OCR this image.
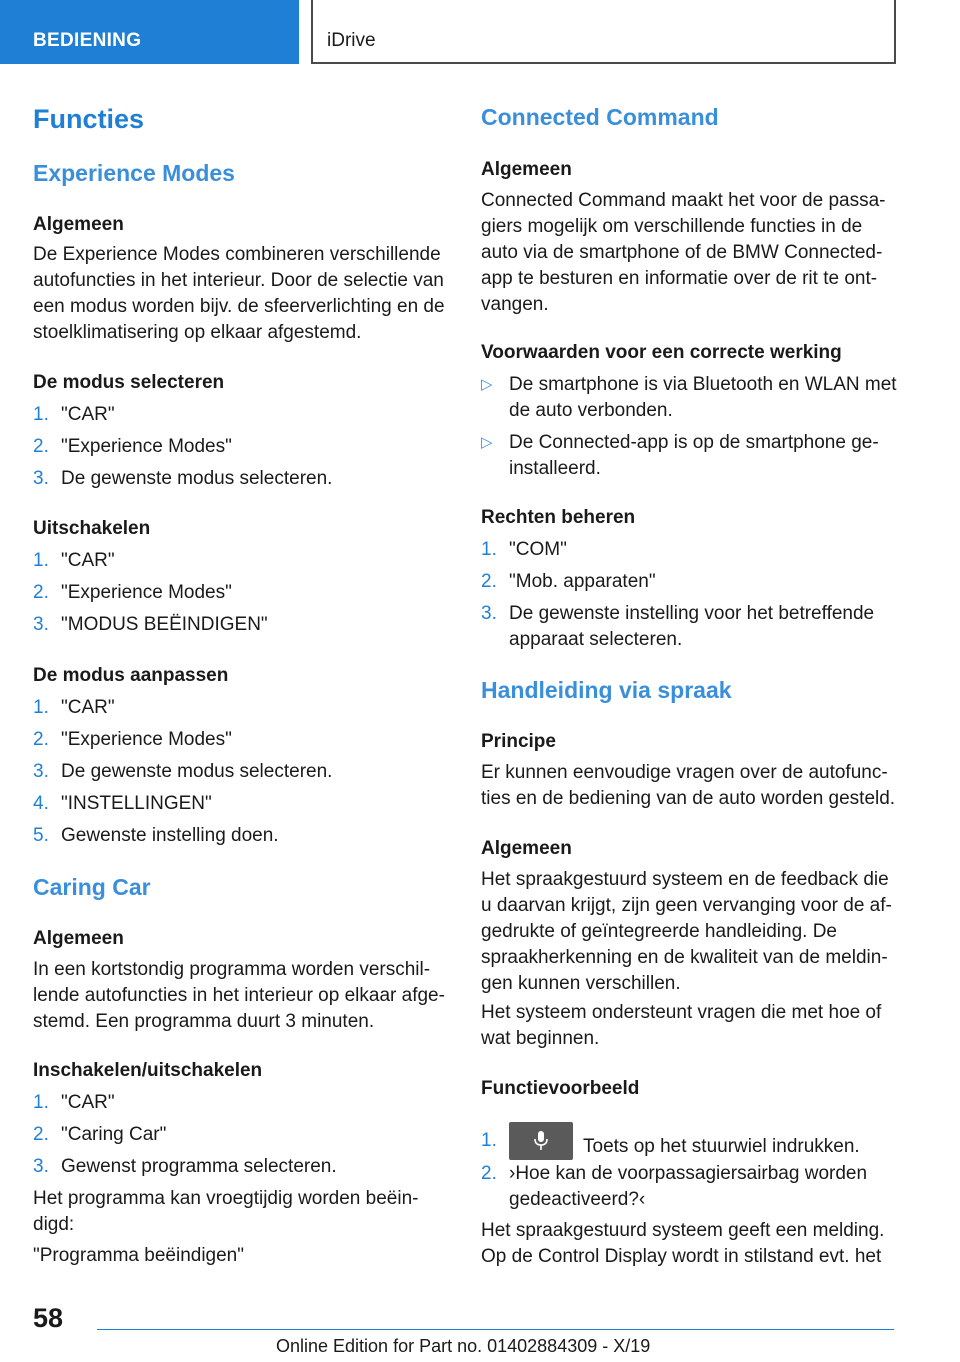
BEDIENING	iDrive
Functies
Experience Modes
Algemeen
De Experience Modes combineren verschillende autofuncties in het interieur. Door de selectie van een modus worden bijv. de sfeerverlichting en de stoelklimatisering op elkaar afgestemd.
De modus selecteren
1. "CAR"
2. "Experience Modes"
3. De gewenste modus selecteren.
Uitschakelen
1. "CAR"
2. "Experience Modes"
3. "MODUS BEËINDIGEN"
De modus aanpassen
1. "CAR"
2. "Experience Modes"
3. De gewenste modus selecteren.
4. "INSTELLINGEN"
5. Gewenste instelling doen.
Caring Car
Algemeen
In een kortstondig programma worden verschillende autofuncties in het interieur op elkaar afgestemd. Een programma duurt 3 minuten.
Inschakelen/uitschakelen
1. "CAR"
2. "Caring Car"
3. Gewenst programma selecteren.
Het programma kan vroegtijdig worden beëindigd:
"Programma beëindigen"
Connected Command
Algemeen
Connected Command maakt het voor de passagiers mogelijk om verschillende functies in de auto via de smartphone of de BMW Connected-app te besturen en informatie over de rit te ontvangen.
Voorwaarden voor een correcte werking
▷ De smartphone is via Bluetooth en WLAN met de auto verbonden.
▷ De Connected-app is op de smartphone geinstalleerd.
Rechten beheren
1. "COM"
2. "Mob. apparaten"
3. De gewenste instelling voor het betreffende apparaat selecteren.
Handleiding via spraak
Principe
Er kunnen eenvoudige vragen over de autofuncties en de bediening van de auto worden gesteld.
Algemeen
Het spraakgestuurd systeem en de feedback die u daarvan krijgt, zijn geen vervanging voor de afgedrukte of geïntegreerde handleiding. De spraakherkenning en de kwaliteit van de meldingen kunnen verschillen.
Het systeem ondersteunt vragen die met hoe of wat beginnen.
Functievoorbeeld
1.	Toets op het stuurwiel indrukken.
2. ›Hoe kan de voorpassagiersairbag worden gedeactiveerd?‹
Het spraakgestuurd systeem geeft een melding. Op de Control Display wordt in stilstand evt. het
58
Online Edition for Part no. 01402884309 - X/19
